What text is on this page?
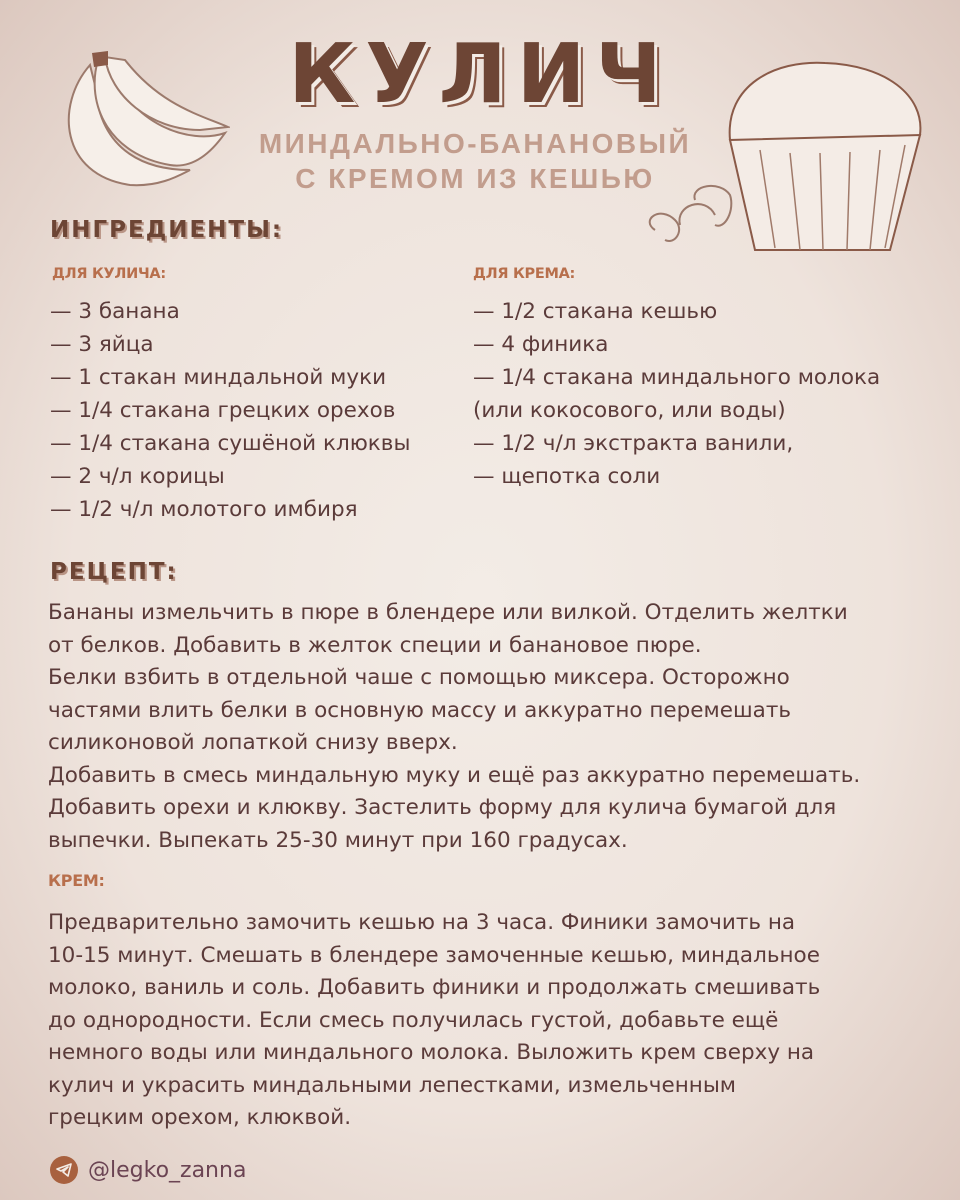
КУЛИЧ
МИНДАЛЬНО-БАНАНОВЫЙ
С КРЕМОМ ИЗ КЕШЬЮ
ИНГРЕДИЕНТЫ:
ДЛЯ КУЛИЧА:	ДЛЯ КРЕМА:
— 3 банана
— 3 яйца
— 1 стакан миндальной муки
— 1/4 стакана грецких орехов
— 1/4 стакана сушёной клюквы
— 2 ч/л корицы
— 1/2 ч/л молотого имбиря
— 1/2 стакана кешью
— 4 финика
— 1/4 стакана миндального молока
(или кокосового, или воды)
— 1/2 ч/л экстракта ванили,
— щепотка соли
РЕЦЕПТ:
Бананы измельчить в пюре в блендере или вилкой. Отделить желтки
от белков. Добавить в желток специи и банановое пюре.
Белки взбить в отдельной чаше с помощью миксера. Осторожно
частями влить белки в основную массу и аккуратно перемешать
силиконовой лопаткой снизу вверх.
Добавить в смесь миндальную муку и ещё раз аккуратно перемешать.
Добавить орехи и клюкву. Застелить форму для кулича бумагой для
выпечки. Выпекать 25-30 минут при 160 градусах.
КРЕМ:
Предварительно замочить кешью на 3 часа. Финики замочить на
10-15 минут. Смешать в блендере замоченные кешью, миндальное
молоко, ваниль и соль. Добавить финики и продолжать смешивать
до однородности. Если смесь получилась густой, добавьте ещё
немного воды или миндального молока. Выложить крем сверху на
кулич и украсить миндальными лепестками, измельченным
грецким орехом, клюквой.
@legko_zanna
